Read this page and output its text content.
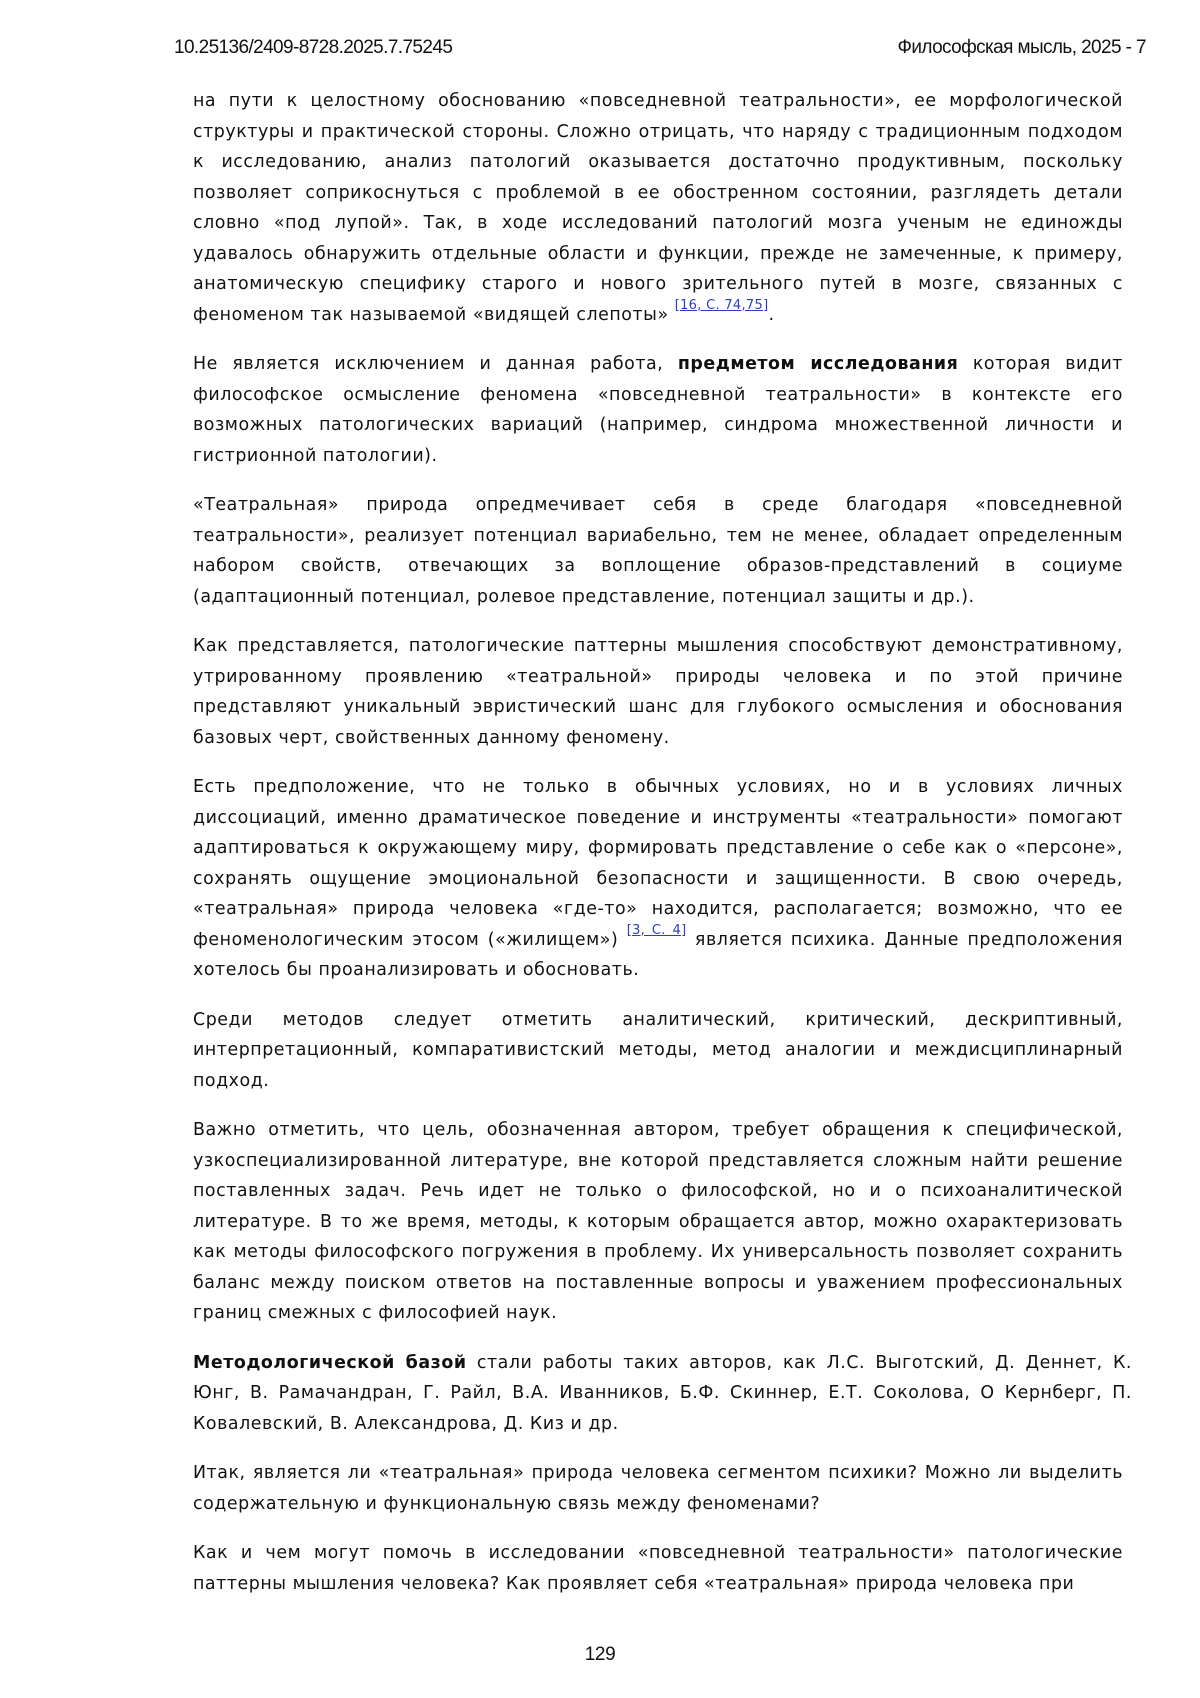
10.25136/2409-8728.2025.7.75245	Философская мысль, 2025 - 7

на пути к целостному обоснованию «повседневной театральности», ее морфологической структуры и практической стороны. Сложно отрицать, что наряду с традиционным подходом к исследованию, анализ патологий оказывается достаточно продуктивным, поскольку позволяет соприкоснуться с проблемой в ее обостренном состоянии, разглядеть детали словно «под лупой». Так, в ходе исследований патологий мозга ученым не единожды удавалось обнаружить отдельные области и функции, прежде не замеченные, к примеру, анатомическую специфику старого и нового зрительного путей в мозге, связанных с феноменом так называемой «видящей слепоты» [16, С. 74,75].

Не является исключением и данная работа, предметом исследования которая видит философское осмысление феномена «повседневной театральности» в контексте его возможных патологических вариаций (например, синдрома множественной личности и гистрионной патологии).

«Театральная» природа опредмечивает себя в среде благодаря «повседневной театральности», реализует потенциал вариабельно, тем не менее, обладает определенным набором свойств, отвечающих за воплощение образов-представлений в социуме (адаптационный потенциал, ролевое представление, потенциал защиты и др.).

Как представляется, патологические паттерны мышления способствуют демонстративному, утрированному проявлению «театральной» природы человека и по этой причине представляют уникальный эвристический шанс для глубокого осмысления и обоснования базовых черт, свойственных данному феномену.

Есть предположение, что не только в обычных условиях, но и в условиях личных диссоциаций, именно драматическое поведение и инструменты «театральности» помогают адаптироваться к окружающему миру, формировать представление о себе как о «персоне», сохранять ощущение эмоциональной безопасности и защищенности. В свою очередь, «театральная» природа человека «где-то» находится, располагается; возможно, что ее феноменологическим этосом («жилищем») [3, С. 4] является психика. Данные предположения хотелось бы проанализировать и обосновать.

Среди методов следует отметить аналитический, критический, дескриптивный, интерпретационный, компаративистский методы, метод аналогии и междисциплинарный подход.

Важно отметить, что цель, обозначенная автором, требует обращения к специфической, узкоспециализированной литературе, вне которой представляется сложным найти решение поставленных задач. Речь идет не только о философской, но и о психоаналитической литературе. В то же время, методы, к которым обращается автор, можно охарактеризовать как методы философского погружения в проблему. Их универсальность позволяет сохранить баланс между поиском ответов на поставленные вопросы и уважением профессиональных границ смежных с философией наук.

Методологической базой стали работы таких авторов, как Л.С. Выготский, Д. Деннет, К. Юнг, В. Рамачандран, Г. Райл, В.А. Иванников, Б.Ф. Скиннер, Е.Т. Соколова, О Кернберг, П. Ковалевский, В. Александрова, Д. Киз и др.

Итак, является ли «театральная» природа человека сегментом психики? Можно ли выделить содержательную и функциональную связь между феноменами?

Как и чем могут помочь в исследовании «повседневной театральности» патологические паттерны мышления человека? Как проявляет себя «театральная» природа человека при

129
